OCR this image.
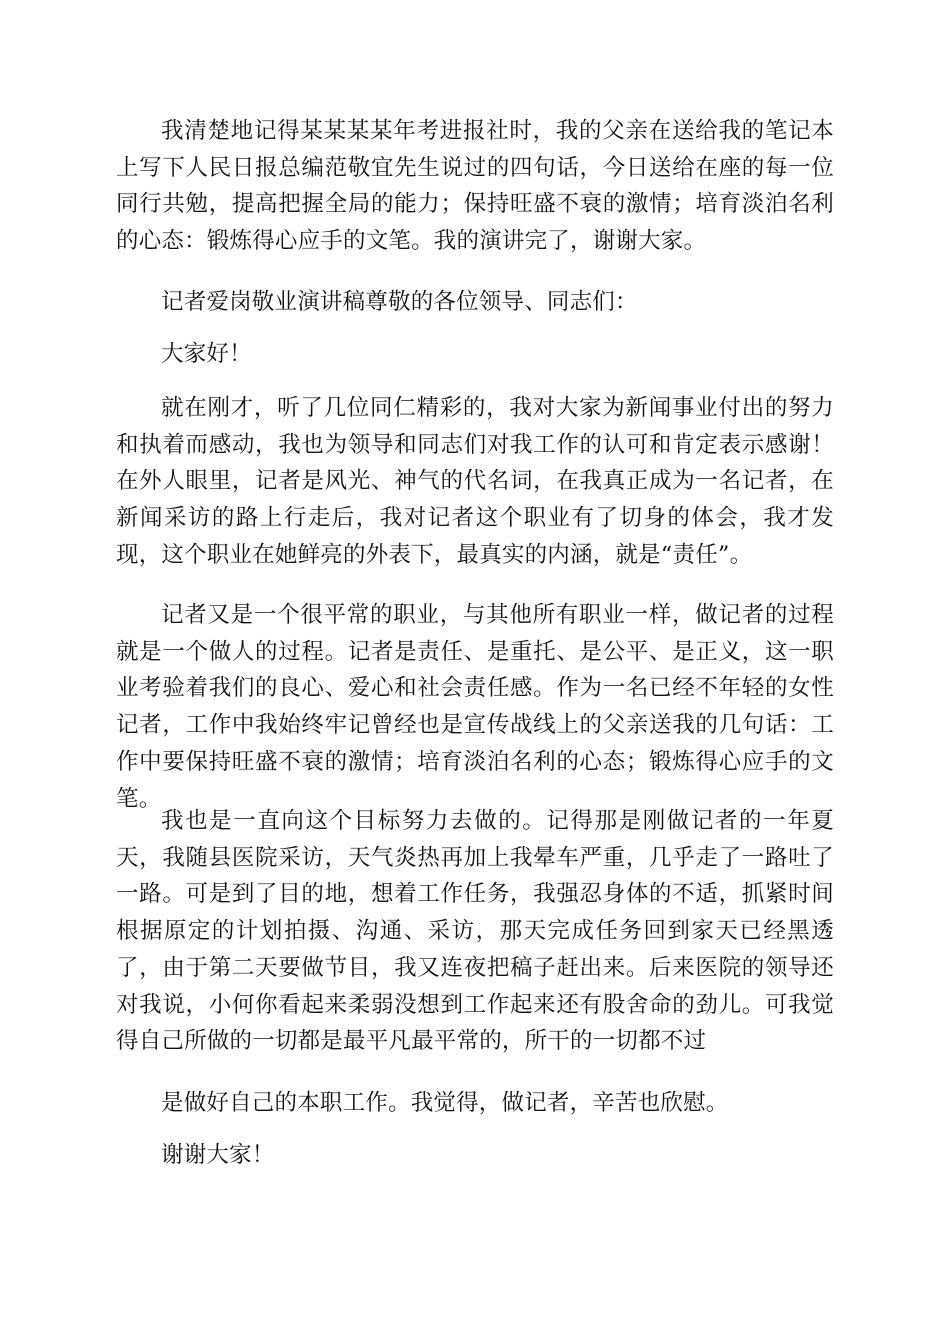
我清楚地记得某某某某年考进报社时，我的父亲在送给我的笔记本上写下人民日报总编范敬宜先生说过的四句话，今日送给在座的每一位同行共勉，提高把握全局的能力；保持旺盛不衰的激情；培育淡泊名利的心态：锻炼得心应手的文笔。我的演讲完了，谢谢大家。

记者爱岗敬业演讲稿尊敬的各位领导、同志们：

大家好！

就在刚才，听了几位同仁精彩的，我对大家为新闻事业付出的努力和执着而感动，我也为领导和同志们对我工作的认可和肯定表示感谢！在外人眼里，记者是风光、神气的代名词，在我真正成为一名记者，在新闻采访的路上行走后，我对记者这个职业有了切身的体会，我才发现，这个职业在她鲜亮的外表下，最真实的内涵，就是“责任”。

记者又是一个很平常的职业，与其他所有职业一样，做记者的过程就是一个做人的过程。记者是责任、是重托、是公平、是正义，这一职业考验着我们的良心、爱心和社会责任感。作为一名已经不年轻的女性记者，工作中我始终牢记曾经也是宣传战线上的父亲送我的几句话：工作中要保持旺盛不衰的激情；培育淡泊名利的心态；锻炼得心应手的文笔。

我也是一直向这个目标努力去做的。记得那是刚做记者的一年夏天，我随县医院采访，天气炎热再加上我晕车严重，几乎走了一路吐了一路。可是到了目的地，想着工作任务，我强忍身体的不适，抓紧时间根据原定的计划拍摄、沟通、采访，那天完成任务回到家天已经黑透了，由于第二天要做节目，我又连夜把稿子赶出来。后来医院的领导还对我说，小何你看起来柔弱没想到工作起来还有股舍命的劲儿。可我觉得自己所做的一切都是最平凡最平常的，所干的一切都不过

是做好自己的本职工作。我觉得，做记者，辛苦也欣慰。

谢谢大家！
